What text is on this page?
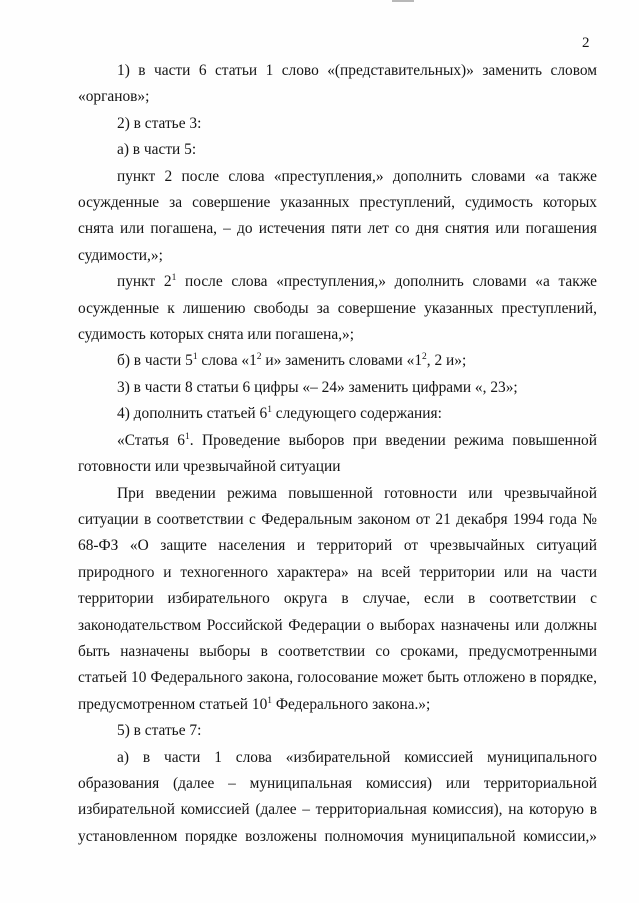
2

1) в части 6 статьи 1 слово «(представительных)» заменить словом «органов»;

2) в статье 3:

а) в части 5:

пункт 2 после слова «преступления,» дополнить словами «а также осужденные за совершение указанных преступлений, судимость которых снята или погашена, – до истечения пяти лет со дня снятия или погашения судимости,»;

пункт $2^1$ после слова «преступления,» дополнить словами «а также осужденные к лишению свободы за совершение указанных преступлений, судимость которых снята или погашена,»;

б) в части $5^1$ слова «$1^2$ и» заменить словами «$1^2$, 2 и»;

3) в части 8 статьи 6 цифры «– 24» заменить цифрами «, 23»;

4) дополнить статьей $6^1$ следующего содержания:

«Статья $6^1$. Проведение выборов при введении режима повышенной готовности или чрезвычайной ситуации

При введении режима повышенной готовности или чрезвычайной ситуации в соответствии с Федеральным законом от 21 декабря 1994 года № 68-ФЗ «О защите населения и территорий от чрезвычайных ситуаций природного и техногенного характера» на всей территории или на части территории избирательного округа в случае, если в соответствии с законодательством Российской Федерации о выборах назначены или должны быть назначены выборы в соответствии со сроками, предусмотренными статьей 10 Федерального закона, голосование может быть отложено в порядке, предусмотренном статьей $10^1$ Федерального закона.»;

5) в статье 7:

а) в части 1 слова «избирательной комиссией муниципального образования (далее – муниципальная комиссия) или территориальной избирательной комиссией (далее – территориальная комиссия), на которую в установленном порядке возложены полномочия муниципальной комиссии,»
